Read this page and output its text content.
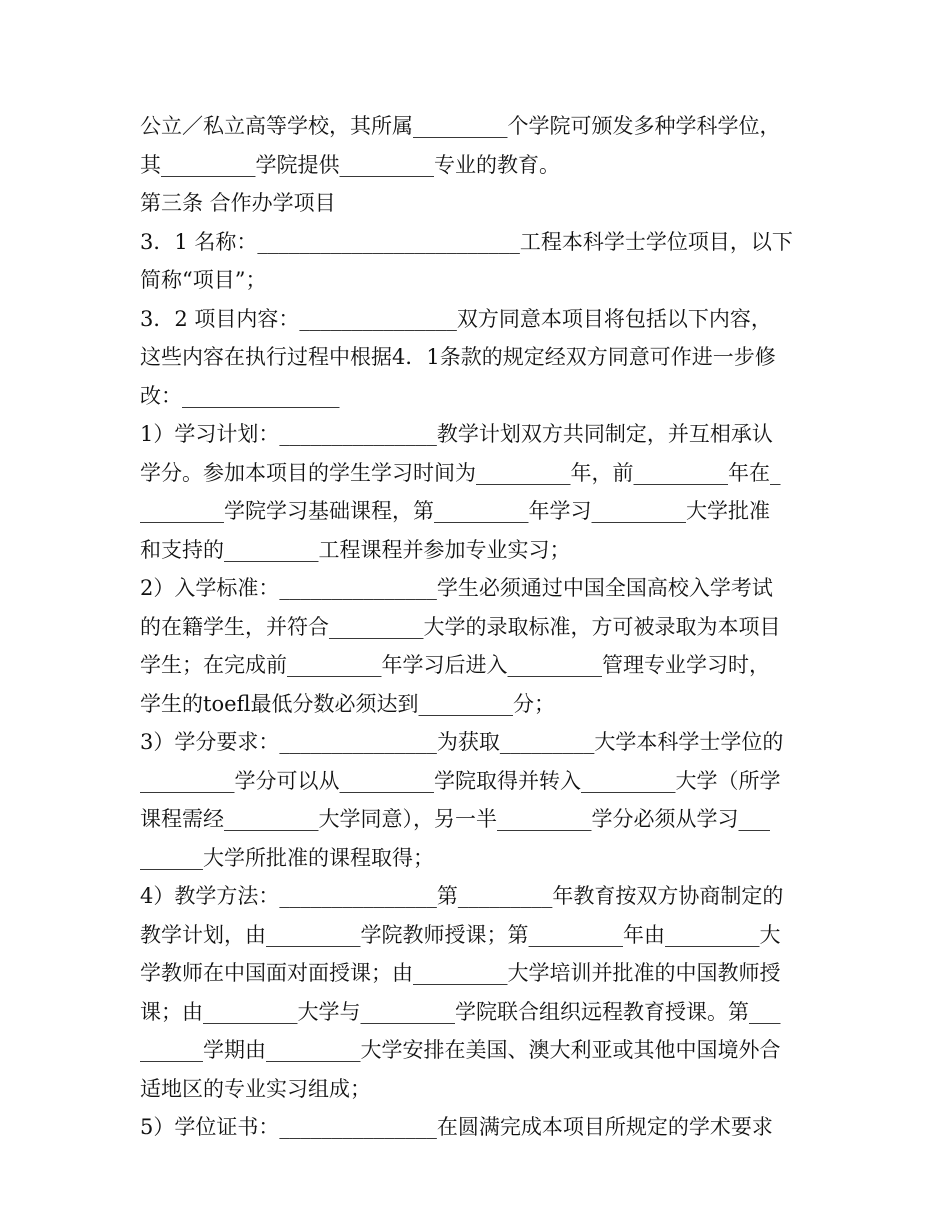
公立／私立高等学校，其所属_________个学院可颁发多种学科学位，
其_________学院提供_________专业的教育。
第三条 合作办学项目
3．1 名称：_________________________工程本科学士学位项目，以下
简称“项目”；
3．2 项目内容：_______________双方同意本项目将包括以下内容，
这些内容在执行过程中根据4．1条款的规定经双方同意可作进一步修
改：_______________
1）学习计划：_______________教学计划双方共同制定，并互相承认
学分。参加本项目的学生学习时间为_________年，前_________年在_
________学院学习基础课程，第_________年学习_________大学批准
和支持的_________工程课程并参加专业实习；
2）入学标准：_______________学生必须通过中国全国高校入学考试
的在籍学生，并符合_________大学的录取标准，方可被录取为本项目
学生；在完成前_________年学习后进入_________管理专业学习时，
学生的toefl最低分数必须达到_________分；
3）学分要求：_______________为获取_________大学本科学士学位的
_________学分可以从_________学院取得并转入_________大学（所学
课程需经_________大学同意），另一半_________学分必须从学习___
______大学所批准的课程取得；
4）教学方法：_______________第_________年教育按双方协商制定的
教学计划，由_________学院教师授课；第_________年由_________大
学教师在中国面对面授课；由_________大学培训并批准的中国教师授
课；由_________大学与_________学院联合组织远程教育授课。第___
______学期由_________大学安排在美国、澳大利亚或其他中国境外合
适地区的专业实习组成；
5）学位证书：_______________在圆满完成本项目所规定的学术要求
